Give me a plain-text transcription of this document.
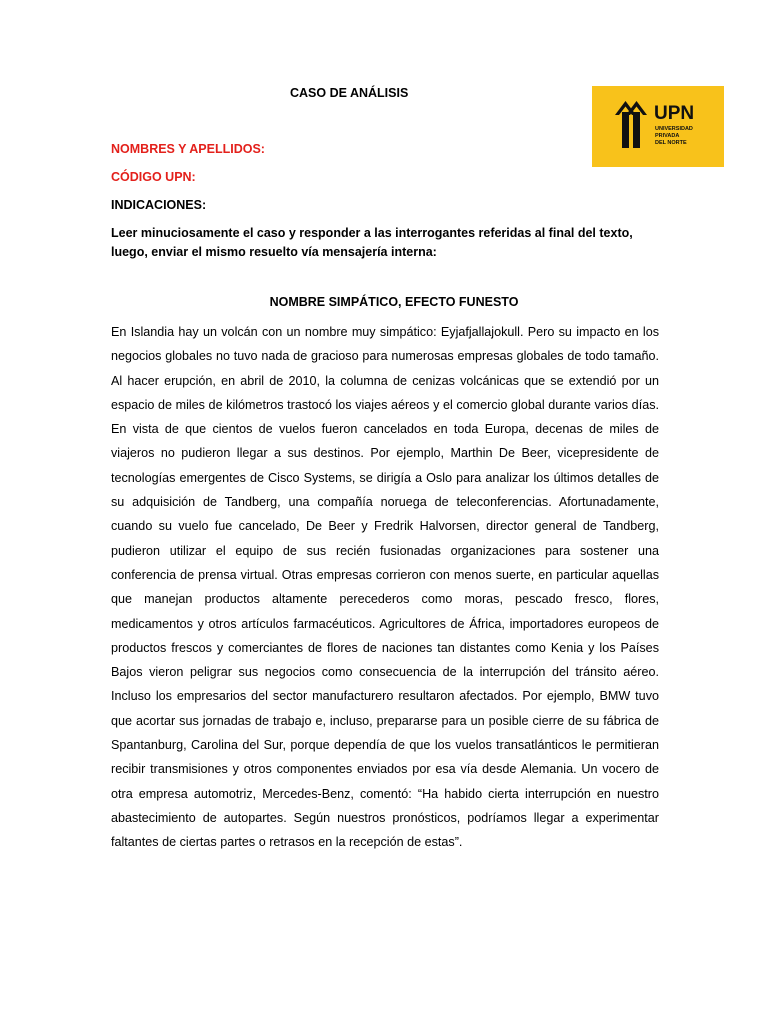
UPN
UNIVERSIDAD
PRIVADA
DEL NORTE
CASO DE ANÁLISIS
NOMBRES Y APELLIDOS:
CÓDIGO UPN:
INDICACIONES:
Leer minuciosamente el caso y responder a las interrogantes referidas al final del texto, luego, enviar el mismo resuelto vía mensajería interna:
NOMBRE SIMPÁTICO, EFECTO FUNESTO

En Islandia hay un volcán con un nombre muy simpático: Eyjafjallajokull. Pero su impacto en los negocios globales no tuvo nada de gracioso para numerosas empresas globales de todo tamaño. Al hacer erupción, en abril de 2010, la columna de cenizas volcánicas que se extendió por un espacio de miles de kilómetros trastocó los viajes aéreos y el comercio global durante varios días. En vista de que cientos de vuelos fueron cancelados en toda Europa, decenas de miles de viajeros no pudieron llegar a sus destinos. Por ejemplo, Marthin De Beer, vicepresidente de tecnologías emergentes de Cisco Systems, se dirigía a Oslo para analizar los últimos detalles de su adquisición de Tandberg, una compañía noruega de teleconferencias. Afortunadamente, cuando su vuelo fue cancelado, De Beer y Fredrik Halvorsen, director general de Tandberg, pudieron utilizar el equipo de sus recién fusionadas organizaciones para sostener una conferencia de prensa virtual. Otras empresas corrieron con menos suerte, en particular aquellas que manejan productos altamente perecederos como moras, pescado fresco, flores, medicamentos y otros artículos farmacéuticos. Agricultores de África, importadores europeos de productos frescos y comerciantes de flores de naciones tan distantes como Kenia y los Países Bajos vieron peligrar sus negocios como consecuencia de la interrupción del tránsito aéreo. Incluso los empresarios del sector manufacturero resultaron afectados. Por ejemplo, BMW tuvo que acortar sus jornadas de trabajo e, incluso, prepararse para un posible cierre de su fábrica de Spantanburg, Carolina del Sur, porque dependía de que los vuelos transatlánticos le permitieran recibir transmisiones y otros componentes enviados por esa vía desde Alemania. Un vocero de otra empresa automotriz, Mercedes-Benz, comentó: “Ha habido cierta interrupción en nuestro abastecimiento de autopartes. Según nuestros pronósticos, podríamos llegar a experimentar faltantes de ciertas partes o retrasos en la recepción de estas”.
